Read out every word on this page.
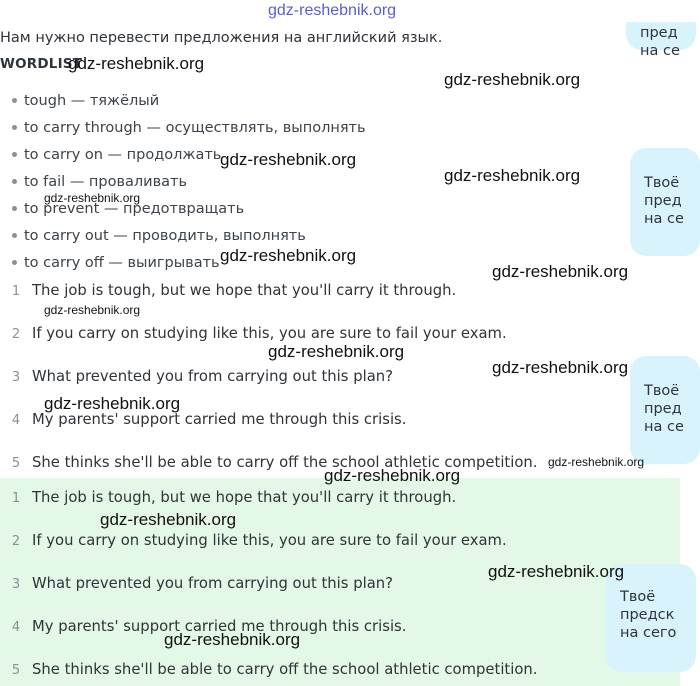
пред
на се
Твоё
пред
на се
Твоё
пред
на се
Нам нужно перевести предложения на английский язык.
WORDLIST
tough — тяжёлый
to carry through — осуществлять, выполнять
to carry on — продолжать
to fail — проваливать
to prevent — предотвращать
to carry out — проводить, выполнять
to carry off — выигрывать
1 The job is tough, but we hope that you'll carry it through.
2 If you carry on studying like this, you are sure to fail your exam.
3 What prevented you from carrying out this plan?
4 My parents' support carried me through this crisis.
5 She thinks she'll be able to carry off the school athletic competition.
1 The job is tough, but we hope that you'll carry it through.
2 If you carry on studying like this, you are sure to fail your exam.
3 What prevented you from carrying out this plan?
4 My parents' support carried me through this crisis.
5 She thinks she'll be able to carry off the school athletic competition.
Твоё
предск
на сего
gdz-reshebnik.org
gdz-reshebnik.org
gdz-reshebnik.org
gdz-reshebnik.org
gdz-reshebnik.org
gdz-reshebnik.org
gdz-reshebnik.org
gdz-reshebnik.org
gdz-reshebnik.org
gdz-reshebnik.org
gdz-reshebnik.org
gdz-reshebnik.org
gdz-reshebnik.org
gdz-reshebnik.org
gdz-reshebnik.org
gdz-reshebnik.org
gdz-reshebnik.org
